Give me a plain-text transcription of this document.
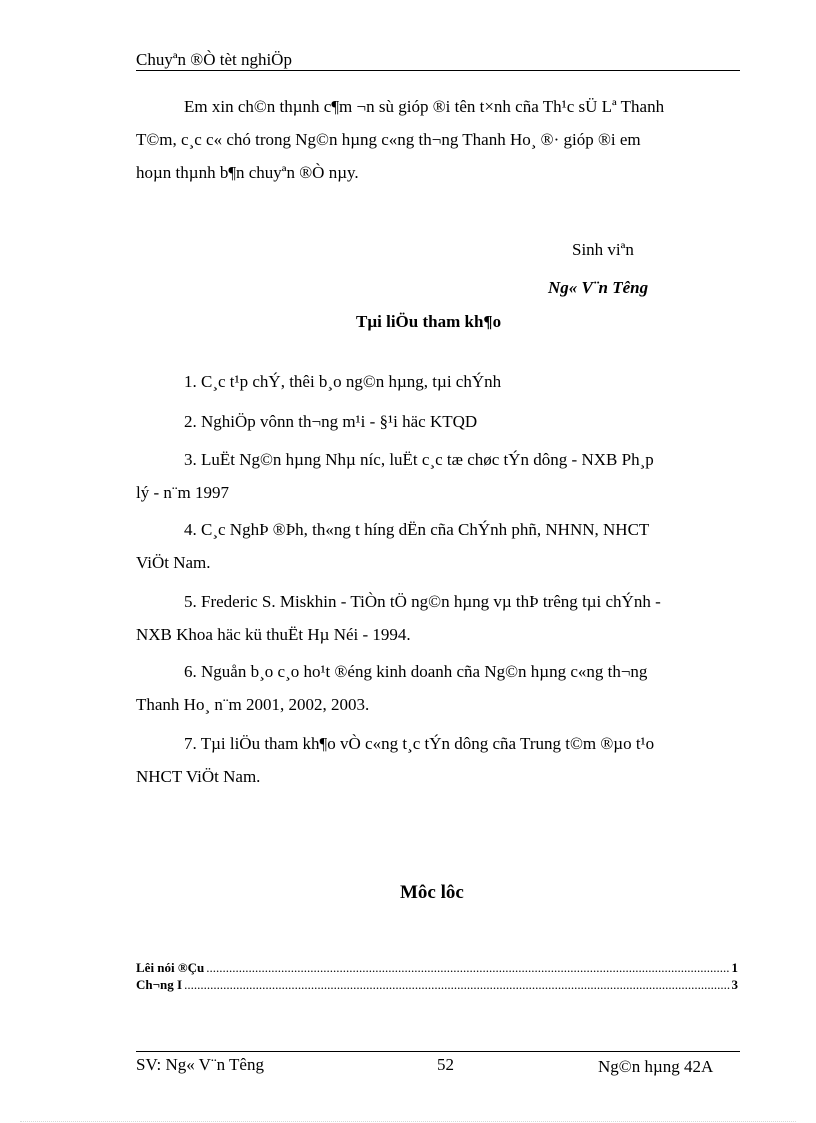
Chuyªn ®Ò tèt nghiÖp
Em xin ch©n thµnh c¶m ¬n sù gióp ®i tên t×nh cña Th¹c sÜ Lª Thanh
T©m, c¸c c« chó trong Ng©n hµng c«ng th¬ng Thanh Ho¸ ®· gióp ®i em
hoµn thµnh b¶n chuyªn ®Ò nµy.
Sinh viªn
Ng« V¨n Têng
Tµi liÖu tham kh¶o
1. C¸c t¹p chÝ, thêi b¸o ng©n hµng, tµi chÝnh
2. NghiÖp vônn th¬ng m¹i - §¹i häc KTQD
3. LuËt Ng©n hµng Nhµ níc, luËt c¸c tæ chøc tÝn dông - NXB Ph¸p
lý - n¨m 1997
4. C¸c NghÞ ®Þh, th«ng t híng dËn cña ChÝnh phñ, NHNN, NHCT
ViÖt Nam.
5. Frederic S. Miskhin - TiÒn tÖ ng©n hµng vµ thÞ trêng tµi chÝnh -
NXB Khoa häc kü thuËt Hµ Néi - 1994.
6. Nguån b¸o c¸o ho¹t ®éng kinh doanh cña Ng©n hµng c«ng th¬ng
Thanh Ho¸ n¨m 2001, 2002, 2003.
7. Tµi liÖu tham kh¶o vÒ c«ng t¸c tÝn dông cña Trung t©m ®µo t¹o
NHCT ViÖt Nam.
Môc lôc
Lêi nói ®Çu .....	1
Ch¬ng I .....	3
SV: Ng« V¨n Têng	52	Ng©n hµng 42A
